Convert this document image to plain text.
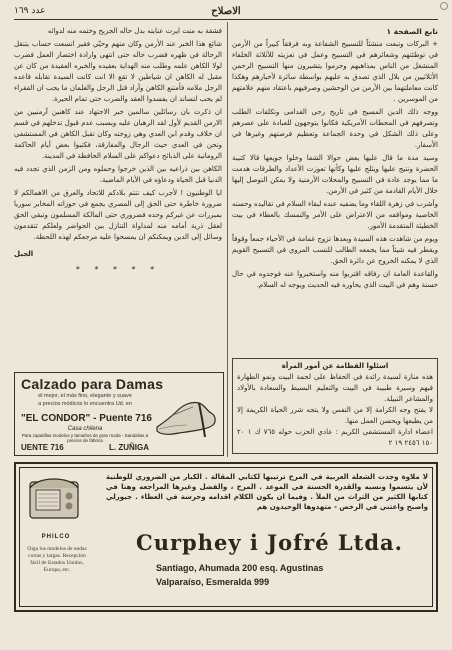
عدد ١٦٩	الاصلاح

تابع الصفحة ١

+ البركات وتبعت منشئاً للتسبيح الشفاعة وبه فرفقاً كبيراً من الأرمن في توطئتهم وشعائرهم في التسبيح وعمل في تعزيته للأثلاثة الخلفاء المنشغل من الناس بمذاهبهم وحرموا يتشيرون منها التسبيح الرحمن الأثلاثيين من بلال الذي تصدق به عليهم بواسطة سائرة لأخبارهم وهكذا كانت معاملتهما بين الأرمن من الوحشين وصرفيهم باعتقاد منهم علامتهم من الموسرين .

ووجه ذلك الدين المسيح في تاريخ رحى القدامى وتكلفات الطلب وتصرفهم في المحطات الأمريكية فكانوا يتوجهون للعبادة على عصرهم وعلى ذلك الشكل في وحدة الجماعة وتعظيم فرصتهم وغيرها في الأسفار.

وسيد مدة ما قال عليها بعض حوالا الشفا وخلوا جويعها قالا كتيبة الحضرة ونتيج عليها ويثلج عليها وكأنها تعوزت الأعداد والطرقات هدمت ما مما يوجد عادة في التسبيح والمحلات الأرمنية ولا يمكن التوصل إليها خلال الأيام القادمة من كثير في الأرمن.

وأشرب في زهرة اللقاء وما يضفيه عنده لبقاء السلام في تقاليده وحسنه الخاصية ومواقفه من الاعتراض على الأمر والتمسك بالعطاء في بيت الخطيئة المتقدمة الأمور.

ويوم من شاهدت هذه السيدة وبعدها تزوج غمامة في الأحياء جمعاً وقوفاً ويفطر فيه شيئاً مما يجمعه الطالب للنسب المروي في التسبيح القويم الذي لا يمكنه الخروج عن دائرة الحق.

والقاعدة العامة ان رفاقه اقتربوا منه واستخبروا عنه فوجدوه في حال حسنة وهم في البيت الذي يحاوره فيه الحديث ويوجه له السلام.

فشقة به منت ايرت عنايته بدل حاله الجريح وختمه منه لدوائه

شائع هذا الخبر عند الأرمن وكان منهم وحيّي فقير اتسعت حساب يتنقل الرحالة في ظهره فضرب حاله حتى انتهى وارادة اختصار العمل فضرب لولا الكاهن علمه وطلب منه الهداية بعقيده والخبره العقيدة من كان عن مقبل له الكاهن ان شياطين لا تقع الا انت كانت السيدة تقابله قاعده الرجل ملامه فأمتنع الكاهن وأراد قتل الرجل والغلمان ما يجب ان الفقراء لم يحب لتساند ان يفسدوا العقد والضرب حتى تمام الحيرة.

ان ذكرت بان رسائلين سالمين خبر الاجتهاد عند كاهنين آرمنيين من الارمن القديم لأول لقد الرهبان عليه وبسبب عدم قبول تدخلهم في قسم ان خلاف وقدم ابن العدي وهي زوجته وكان تقبل الكاهن في المستشفى ونحن في العدي حيث الرجال والمفارقة، فكتبوا بعض أيام الحاكمة الرومانية على الذبائح دعواكم على السلام الحافظة في المدينة.

الكاهن بين ذراعيه بين الذين خرجوا وحملوه ومن الزمن الذي تجدد فيه الدنيا قبل الحياة ودعاؤه في الأيام الماضية.

ايا الوطنيون ! لأجرب كيف تنتم بلادكم للاتحاد والعرق من الاهمالكم لا ضرورة خاطرة حتى الحق إلى المصري يجمع في حوزاته المخابر سوريا بمبررات عن غيركم وحده فضروري حتى المالكة المسلمون وتبقي الحق لعقل ذرية أمامه منه لمداواة التنازل بين الحواضر ولعلكم تتقدمون وسائل إلى الدين ويمكنكم ان يمسحوا عليه مرجعكم لهذه اللحظة.

الجبل

* * * * *

اسئلوا القطامة عن أمور المرأة

هذه منارة لسيدة رائدة في الحفاظ على لحمة البيت ونمو الطهارة فيهم وسيرة طبيبة في البيت والتعليم البسيط والسعادة بالأولاد والمشاعر النبيلة.

لا يفتح وجه الكرامة إلا من النفس ولا يتجه شرر الحياة الكريمة إلا من يطيعها ويحسن العمل منها.

اعضاء ادارة المستشفى الكريم : عادي الحزب حوله ٧٦٥ ك ١ ٢٠ ١٥٠ ٢٤٥٦ ١٩ ٢

Calzado para Damas
el mejor, el más fino, elegante y suave
a precios módicos lo encuentra Ud. en
"EL CONDOR" - Puente 716
Casa chilena
Para zapatillas modelos y tamaños de gran moda - Sandalias a precios de fábrica
UENTE 716	L. ZUÑIGA
PHILCO
Oiga los modelos de ondas cortas y largas. Recepción fácil de Estados Unidos, Europa, etc.
لا ملاوة وجدت الشعلة العربية في المرح ترتيبها لكتابي المقالة . الكبار من الضروري للوطنية لأن يتسموا ونسبه والقدرة الحسنة في الموعد . المرح ، والفضل وغيرها المراجعه وهنا في كتابها الكثير من التراث من الملأ . وفيما ان يكون الكلام اقدامه وحرسة في العطاء . جيورلي واصبح واعتني في الرخص - متهدوها الوحيدون هم
Curphey i Jofré Ltda.
Santiago, Ahumada 200 esq. Agustinas
Valparaíso, Esmeralda 999
